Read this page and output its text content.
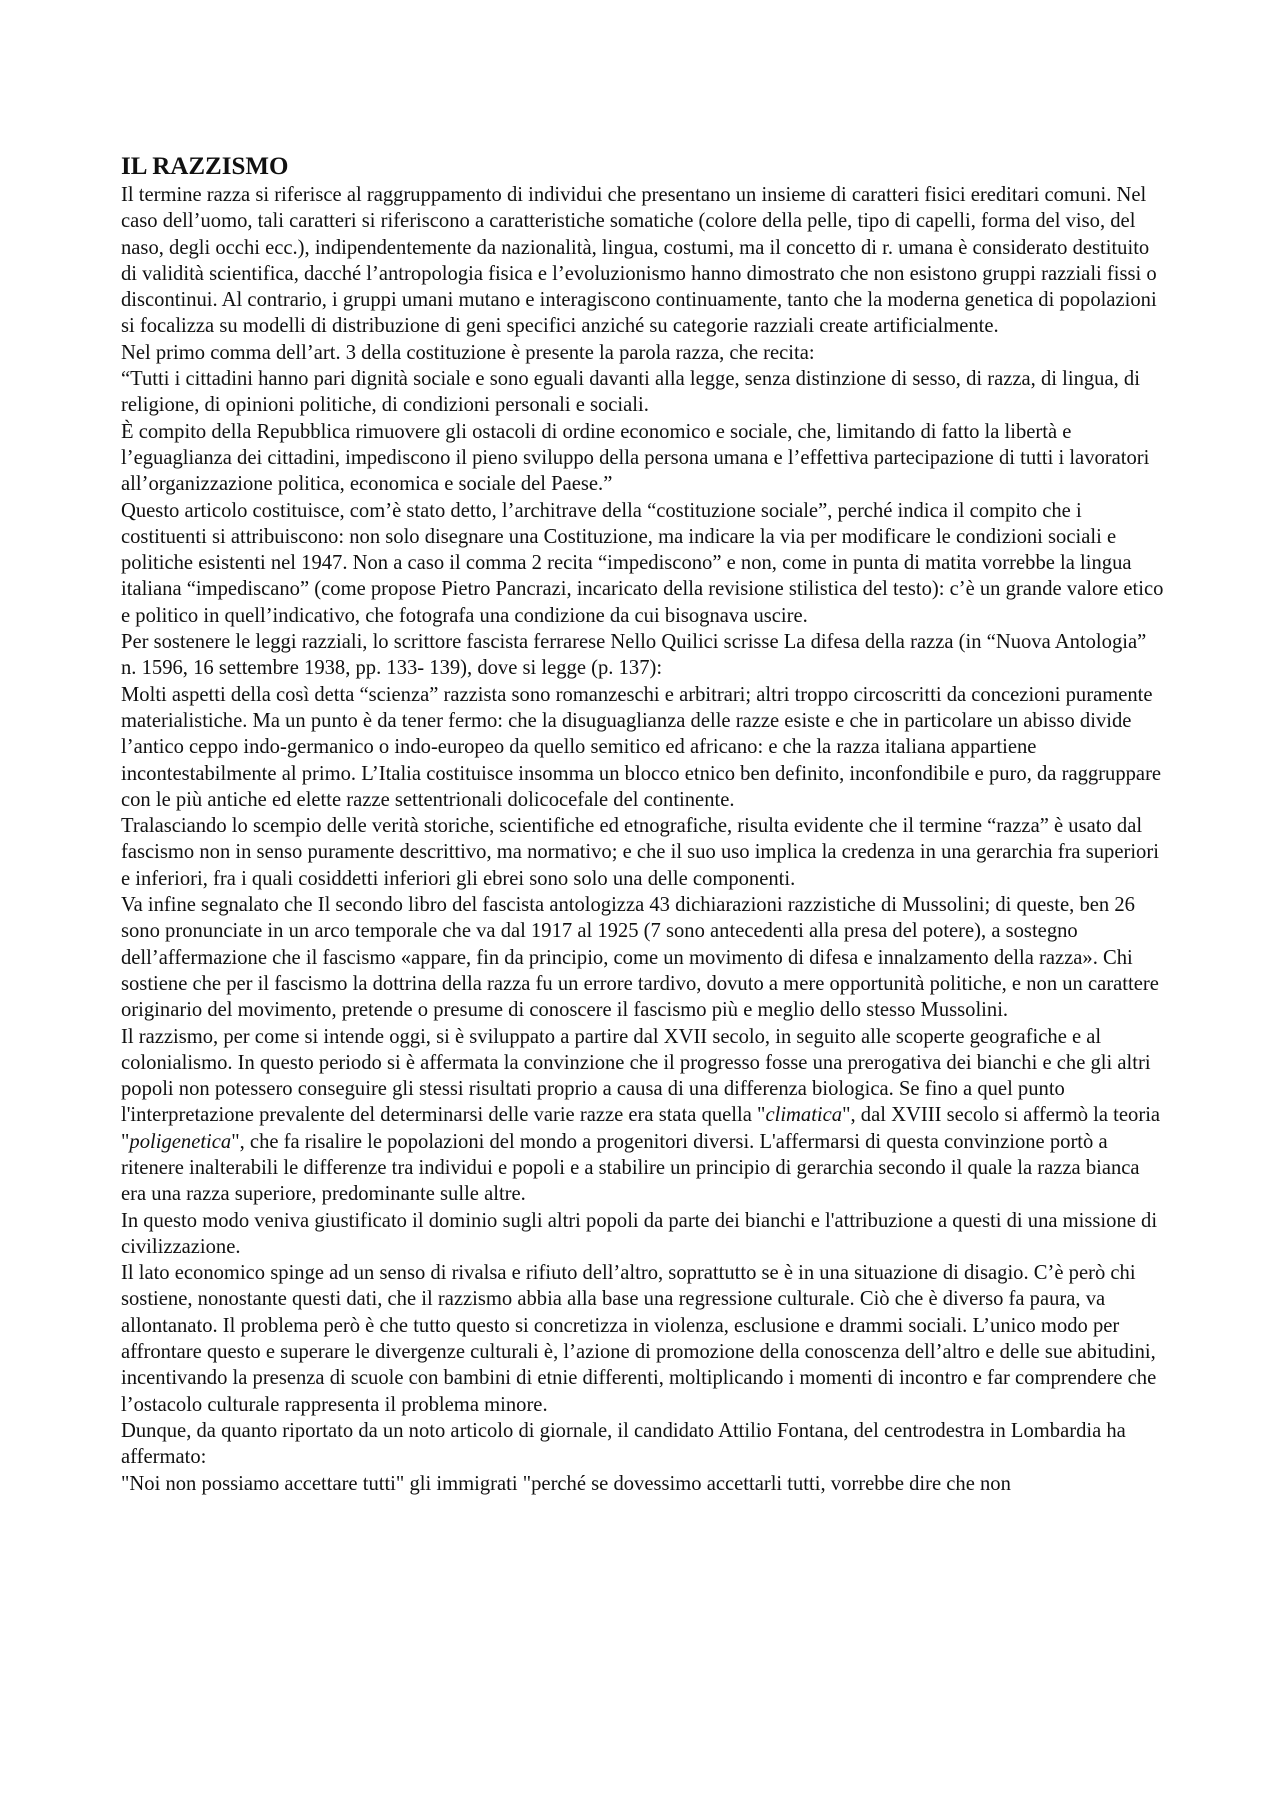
IL RAZZISMO

Il termine razza si riferisce al raggruppamento di individui che presentano un insieme di caratteri fisici ereditari comuni. Nel caso dell’uomo, tali caratteri si riferiscono a caratteristiche somatiche (colore della pelle, tipo di capelli, forma del viso, del naso, degli occhi ecc.), indipendentemente da nazionalità, lingua, costumi, ma il concetto di r. umana è considerato destituito di validità scientifica, dacché l’antropologia fisica e l’evoluzionismo hanno dimostrato che non esistono gruppi razziali fissi o discontinui. Al contrario, i gruppi umani mutano e interagiscono continuamente, tanto che la moderna genetica di popolazioni si focalizza su modelli di distribuzione di geni specifici anziché su categorie razziali create artificialmente.

Nel primo comma dell’art. 3 della costituzione è presente la parola razza, che recita:

“Tutti i cittadini hanno pari dignità sociale e sono eguali davanti alla legge, senza distinzione di sesso, di razza, di lingua, di religione, di opinioni politiche, di condizioni personali e sociali.

È compito della Repubblica rimuovere gli ostacoli di ordine economico e sociale, che, limitando di fatto la libertà e l’eguaglianza dei cittadini, impediscono il pieno sviluppo della persona umana e l’effettiva partecipazione di tutti i lavoratori all’organizzazione politica, economica e sociale del Paese.”

Questo articolo costituisce, com’è stato detto, l’architrave della “costituzione sociale”, perché indica il compito che i costituenti si attribuiscono: non solo disegnare una Costituzione, ma indicare la via per modificare le condizioni sociali e politiche esistenti nel 1947. Non a caso il comma 2 recita “impediscono” e non, come in punta di matita vorrebbe la lingua italiana “impediscano” (come propose Pietro Pancrazi, incaricato della revisione stilistica del testo): c’è un grande valore etico e politico in quell’indicativo, che fotografa una condizione da cui bisognava uscire.

Per sostenere le leggi razziali, lo scrittore fascista ferrarese Nello Quilici scrisse La difesa della razza (in “Nuova Antologia” n. 1596, 16 settembre 1938, pp. 133- 139), dove si legge (p. 137):

Molti aspetti della così detta “scienza” razzista sono romanzeschi e arbitrari; altri troppo circoscritti da concezioni puramente materialistiche. Ma un punto è da tener fermo: che la disuguaglianza delle razze esiste e che in particolare un abisso divide l’antico ceppo indo-germanico o indo-europeo da quello semitico ed africano: e che la razza italiana appartiene incontestabilmente al primo. L’Italia costituisce insomma un blocco etnico ben definito, inconfondibile e puro, da raggruppare con le più antiche ed elette razze settentrionali dolicocefale del continente.

Tralasciando lo scempio delle verità storiche, scientifiche ed etnografiche, risulta evidente che il termine “razza” è usato dal fascismo non in senso puramente descrittivo, ma normativo; e che il suo uso implica la credenza in una gerarchia fra superiori e inferiori, fra i quali cosiddetti inferiori gli ebrei sono solo una delle componenti.

Va infine segnalato che Il secondo libro del fascista antologizza 43 dichiarazioni razzistiche di Mussolini; di queste, ben 26 sono pronunciate in un arco temporale che va dal 1917 al 1925 (7 sono antecedenti alla presa del potere), a sostegno dell’affermazione che il fascismo «appare, fin da principio, come un movimento di difesa e innalzamento della razza». Chi sostiene che per il fascismo la dottrina della razza fu un errore tardivo, dovuto a mere opportunità politiche, e non un carattere originario del movimento, pretende o presume di conoscere il fascismo più e meglio dello stesso Mussolini.

Il razzismo, per come si intende oggi, si è sviluppato a partire dal XVII secolo, in seguito alle scoperte geografiche e al colonialismo. In questo periodo si è affermata la convinzione che il progresso fosse una prerogativa dei bianchi e che gli altri popoli non potessero conseguire gli stessi risultati proprio a causa di una differenza biologica. Se fino a quel punto l'interpretazione prevalente del determinarsi delle varie razze era stata quella "climatica", dal XVIII secolo si affermò la teoria "poligenetica", che fa risalire le popolazioni del mondo a progenitori diversi. L'affermarsi di questa convinzione portò a ritenere inalterabili le differenze tra individui e popoli e a stabilire un principio di gerarchia secondo il quale la razza bianca era una razza superiore, predominante sulle altre.

In questo modo veniva giustificato il dominio sugli altri popoli da parte dei bianchi e l'attribuzione a questi di una missione di civilizzazione.

Il lato economico spinge ad un senso di rivalsa e rifiuto dell’altro, soprattutto se è in una situazione di disagio. C’è però chi sostiene, nonostante questi dati, che il razzismo abbia alla base una regressione culturale. Ciò che è diverso fa paura, va allontanato. Il problema però è che tutto questo si concretizza in violenza, esclusione e drammi sociali. L’unico modo per affrontare questo e superare le divergenze culturali è, l’azione di promozione della conoscenza dell’altro e delle sue abitudini, incentivando la presenza di scuole con bambini di etnie differenti, moltiplicando i momenti di incontro e far comprendere che l’ostacolo culturale rappresenta il problema minore.

Dunque, da quanto riportato da un noto articolo di giornale, il candidato Attilio Fontana, del centrodestra in Lombardia ha affermato:

"Noi non possiamo accettare tutti" gli immigrati "perché se dovessimo accettarli tutti, vorrebbe dire che non
